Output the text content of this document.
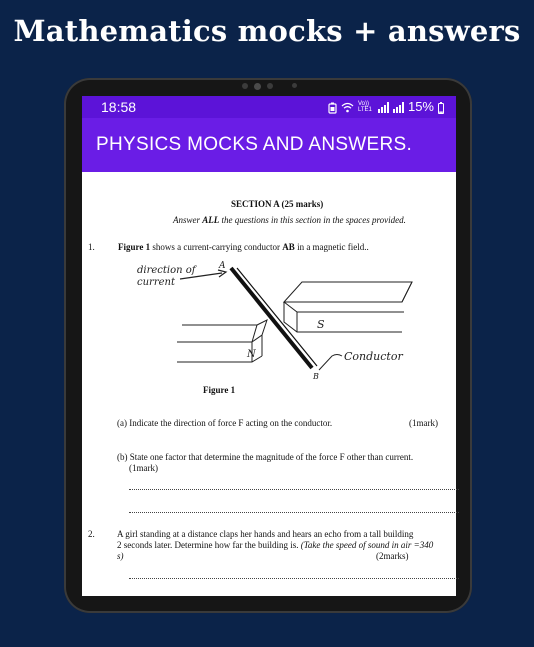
Mathematics mocks + answers
18:58	Vo)) LTE1	15%
PHYSICS MOCKS AND ANSWERS.
SECTION A (25 marks)
Answer ALL the questions in this section in the spaces provided.
1.	Figure 1 shows a current-carrying conductor AB in a magnetic field..
direction of
current
A
B
N
S
Conductor
Figure 1
(a) Indicate the direction of force F acting on the conductor.	(1mark)
(b) State one factor that determine the magnitude of the force F other than current.
(1mark)
2. A girl standing at a distance claps her hands and hears an echo from a tall building
2 seconds later. Determine how far the building is. (Take the speed of sound in air =340
s)	(2marks)
